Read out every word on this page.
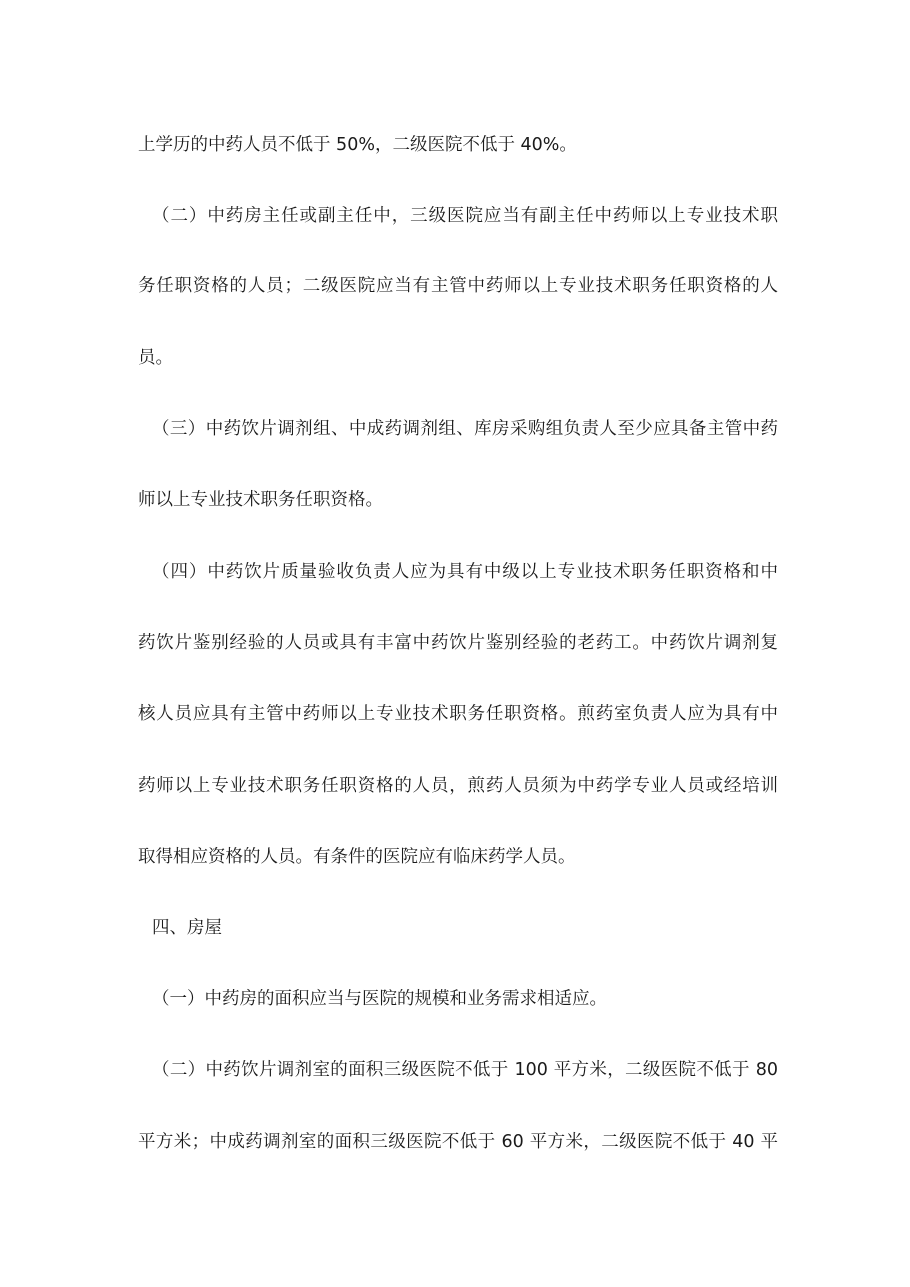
上学历的中药人员不低于 50%，二级医院不低于 40%。
（二）中药房主任或副主任中，三级医院应当有副主任中药师以上专业技术职
务任职资格的人员；二级医院应当有主管中药师以上专业技术职务任职资格的人
员。
（三）中药饮片调剂组、中成药调剂组、库房采购组负责人至少应具备主管中药
师以上专业技术职务任职资格。
（四）中药饮片质量验收负责人应为具有中级以上专业技术职务任职资格和中
药饮片鉴别经验的人员或具有丰富中药饮片鉴别经验的老药工。中药饮片调剂复
核人员应具有主管中药师以上专业技术职务任职资格。煎药室负责人应为具有中
药师以上专业技术职务任职资格的人员，煎药人员须为中药学专业人员或经培训
取得相应资格的人员。有条件的医院应有临床药学人员。
四、房屋
（一）中药房的面积应当与医院的规模和业务需求相适应。
（二）中药饮片调剂室的面积三级医院不低于 100 平方米，二级医院不低于 80
平方米；中成药调剂室的面积三级医院不低于 60 平方米，二级医院不低于 40 平
